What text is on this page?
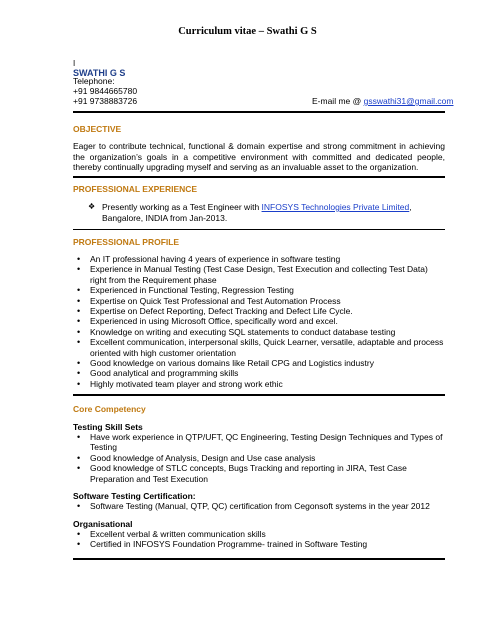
Curriculum vitae – Swathi G S
I
SWATHI G S
Telephone:
+91 9844665780
+91 9738883726	E-mail me @ gsswathi31@gmail.com
OBJECTIVE
Eager to contribute technical, functional & domain expertise and strong commitment in achieving the organization’s goals in a competitive environment with committed and dedicated people, thereby continually upgrading myself and serving as an invaluable asset to the organization.
PROFESSIONAL EXPERIENCE
❖ Presently working as a Test Engineer with INFOSYS Technologies Private Limited, Bangalore, INDIA from Jan-2013.
PROFESSIONAL PROFILE
• An IT professional having 4 years of experience in software testing
• Experience in Manual Testing (Test Case Design, Test Execution and collecting Test Data) right from the Requirement phase
• Experienced in Functional Testing, Regression Testing
• Expertise on Quick Test Professional and Test Automation Process
• Expertise on Defect Reporting, Defect Tracking and Defect Life Cycle.
• Experienced in using Microsoft Office, specifically word and excel.
• Knowledge on writing and executing SQL statements to conduct database testing
• Excellent communication, interpersonal skills, Quick Learner, versatile, adaptable and process oriented with high customer orientation
• Good knowledge on various domains like Retail CPG and Logistics industry
• Good analytical and programming skills
• Highly motivated team player and strong work ethic
Core Competency
Testing Skill Sets
• Have work experience in QTP/UFT, QC Engineering, Testing Design Techniques and Types of Testing
• Good knowledge of Analysis, Design and Use case analysis
• Good knowledge of STLC concepts, Bugs Tracking and reporting in JIRA, Test Case Preparation and Test Execution
Software Testing Certification:
• Software Testing (Manual, QTP, QC) certification from Cegonsoft systems in the year 2012
Organisational
• Excellent verbal & written communication skills
• Certified in INFOSYS Foundation Programme- trained in Software Testing
